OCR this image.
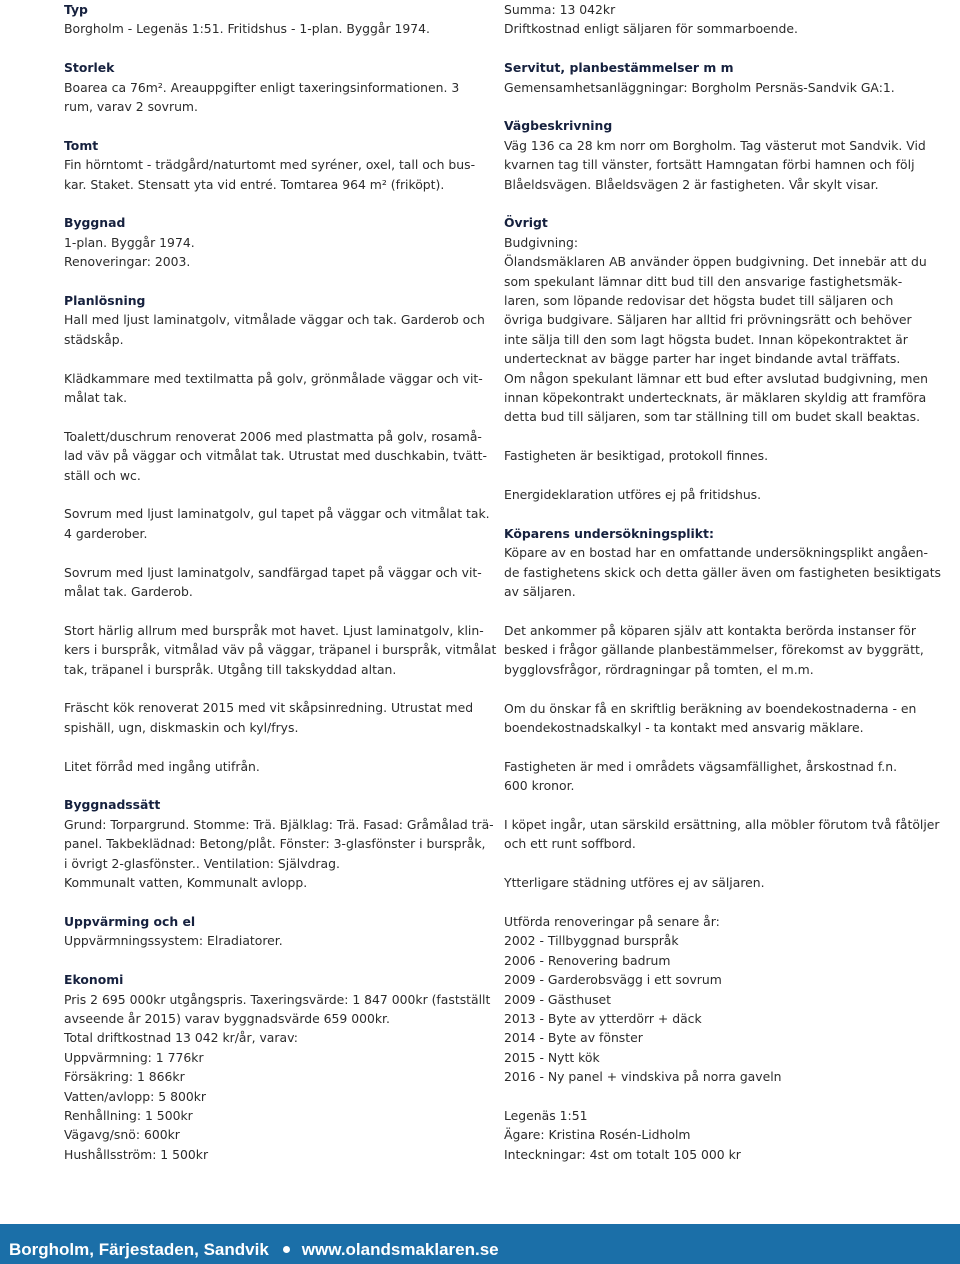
Typ
Borgholm - Legenäs 1:51. Fritidshus - 1-plan. Byggår 1974.
Storlek
Boarea ca 76m². Areauppgifter enligt taxeringsinformationen. 3
rum, varav 2 sovrum.
Tomt
Fin hörntomt - trädgård/naturtomt med syréner, oxel, tall och bus-
kar. Staket. Stensatt yta vid entré. Tomtarea 964 m² (friköpt).
Byggnad
1-plan. Byggår 1974.
Renoveringar: 2003.
Planlösning
Hall med ljust laminatgolv, vitmålade väggar och tak. Garderob och
städskåp.
Klädkammare med textilmatta på golv, grönmålade väggar och vit-
målat tak.
Toalett/duschrum renoverat 2006 med plastmatta på golv, rosamå-
lad väv på väggar och vitmålat tak. Utrustat med duschkabin, tvätt-
ställ och wc.
Sovrum med ljust laminatgolv, gul tapet på väggar och vitmålat tak.
4 garderober.
Sovrum med ljust laminatgolv, sandfärgad tapet på väggar och vit-
målat tak. Garderob.
Stort härlig allrum med burspråk mot havet. Ljust laminatgolv, klin-
kers i burspråk, vitmålad väv på väggar, träpanel i burspråk, vitmålat
tak, träpanel i burspråk. Utgång till takskyddad altan.
Fräscht kök renoverat 2015 med vit skåpsinredning. Utrustat med
spishäll, ugn, diskmaskin och kyl/frys.
Litet förråd med ingång utifrån.
Byggnadssätt
Grund: Torpargrund. Stomme: Trä. Bjälklag: Trä. Fasad: Gråmålad trä-
panel. Takbeklädnad: Betong/plåt. Fönster: 3-glasfönster i burspråk,
i övrigt 2-glasfönster.. Ventilation: Självdrag.
Kommunalt vatten, Kommunalt avlopp.
Uppvärming och el
Uppvärmningssystem: Elradiatorer.
Ekonomi
Pris 2 695 000kr utgångspris. Taxeringsvärde: 1 847 000kr (fastställt
avseende år 2015) varav byggnadsvärde 659 000kr.
Total driftkostnad 13 042 kr/år, varav:
Uppvärmning: 1 776kr
Försäkring: 1 866kr
Vatten/avlopp: 5 800kr
Renhållning: 1 500kr
Vägavg/snö: 600kr
Hushållsström: 1 500kr
Summa: 13 042kr
Driftkostnad enligt säljaren för sommarboende.
Servitut, planbestämmelser m m
Gemensamhetsanläggningar: Borgholm Persnäs-Sandvik GA:1.
Vägbeskrivning
Väg 136 ca 28 km norr om Borgholm. Tag västerut mot Sandvik. Vid
kvarnen tag till vänster, fortsätt Hamngatan förbi hamnen och följ
Blåeldsvägen. Blåeldsvägen 2 är fastigheten. Vår skylt visar.
Övrigt
Budgivning:
Ölandsmäklaren AB använder öppen budgivning. Det innebär att du
som spekulant lämnar ditt bud till den ansvarige fastighetsmäk-
laren, som löpande redovisar det högsta budet till säljaren och
övriga budgivare. Säljaren har alltid fri prövningsrätt och behöver
inte sälja till den som lagt högsta budet. Innan köpekontraktet är
undertecknat av bägge parter har inget bindande avtal träffats.
Om någon spekulant lämnar ett bud efter avslutad budgivning, men
innan köpekontrakt undertecknats, är mäklaren skyldig att framföra
detta bud till säljaren, som tar ställning till om budet skall beaktas.
Fastigheten är besiktigad, protokoll finnes.
Energideklaration utföres ej på fritidshus.
Köparens undersökningsplikt:
Köpare av en bostad har en omfattande undersökningsplikt angåen-
de fastighetens skick och detta gäller även om fastigheten besiktigats
av säljaren.
Det ankommer på köparen själv att kontakta berörda instanser för
besked i frågor gällande planbestämmelser, förekomst av byggrätt,
bygglovsfrågor, rördragningar på tomten, el m.m.
Om du önskar få en skriftlig beräkning av boendekostnaderna - en
boendekostnadskalkyl - ta kontakt med ansvarig mäklare.
Fastigheten är med i områdets vägsamfällighet, årskostnad f.n.
600 kronor.
I köpet ingår, utan särskild ersättning, alla möbler förutom två fåtöljer
och ett runt soffbord.
Ytterligare städning utföres ej av säljaren.
Utförda renoveringar på senare år:
2002 - Tillbyggnad burspråk
2006 - Renovering badrum
2009 - Garderobsvägg i ett sovrum
2009 - Gästhuset
2013 - Byte av ytterdörr + däck
2014 - Byte av fönster
2015 - Nytt kök
2016 - Ny panel + vindskiva på norra gaveln
Legenäs 1:51
Ägare: Kristina Rosén-Lidholm
Inteckningar: 4st om totalt 105 000 kr
Borgholm, Färjestaden, Sandvik www.olandsmaklaren.se
